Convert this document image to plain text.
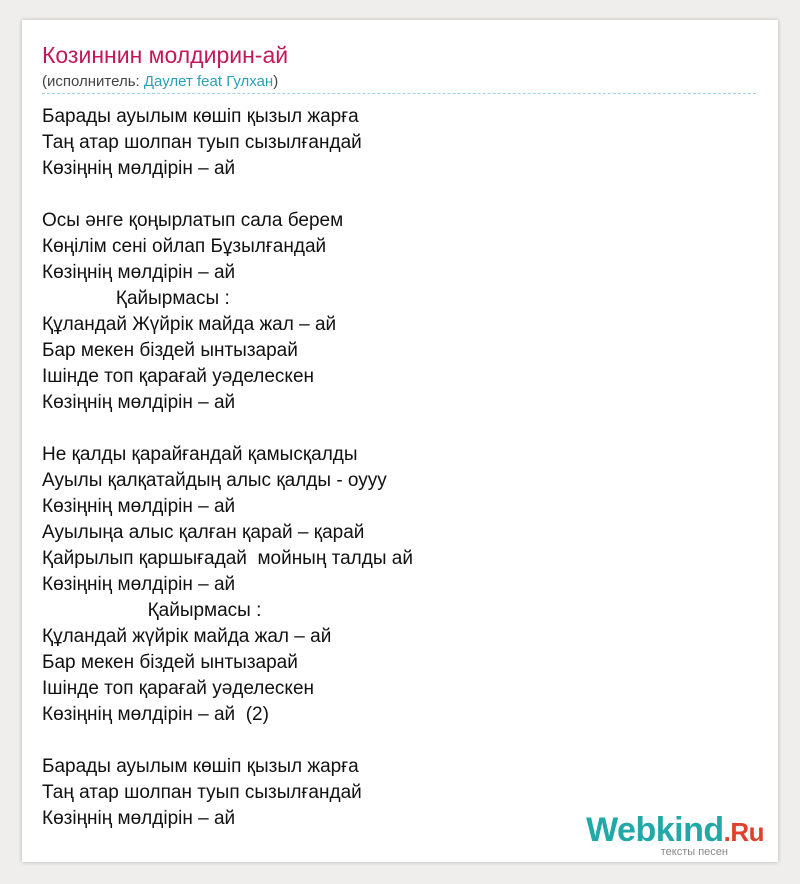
Козиннин молдирин-ай
(исполнитель: Даулет feat Гулхан)
Барады ауылым көшіп қызыл жарға
Таң атар шолпан туып сызылғандай
Көзіңнің мөлдірін – ай
Осы әнге қоңырлатып сала берем
Көңілім сені ойлап Бұзылғандай
Көзіңнің мөлдірін – ай
Қайырмасы :
Құландай Жүйрік майда жал – ай
Бар мекен біздей ынтызарай
Ішінде топ қарағай уәделескен
Көзіңнің мөлдірін – ай
Не қалды қарайғандай қамысқалды
Ауылы қалқатайдың алыс қалды - оууу
Көзіңнің мөлдірін – ай
Ауылыңа алыс қалған қарай – қарай
Қайрылып қаршығадай  мойның талды ай
Көзіңнің мөлдірін – ай
Қайырмасы :
Құландай жүйрік майда жал – ай
Бар мекен біздей ынтызарай
Ішінде топ қарағай уәделескен
Көзіңнің мөлдірін – ай  (2)
Барады ауылым көшіп қызыл жарға
Таң атар шолпан туып сызылғандай
Көзіңнің мөлдірін – ай	Webkind.Ru
тексты песен
